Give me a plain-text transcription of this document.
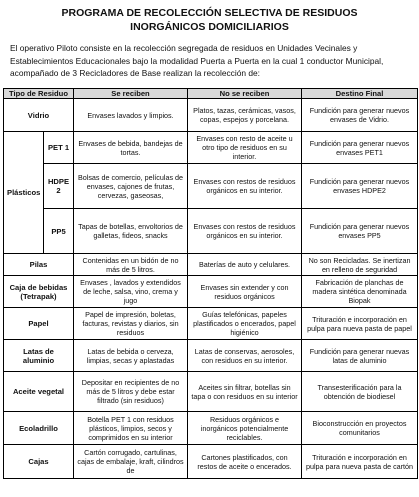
PROGRAMA DE RECOLECCIÓN SELECTIVA DE RESIDUOS
INORGÁNICOS DOMICILIARIOS

El operativo Piloto consiste en la recolección segregada de residuos en Unidades Vecinales y Establecimientos Educacionales bajo la modalidad Puerta a Puerta en la cual 1 conductor Municipal, acompañado de 3 Recicladores de Base realizan la recolección de:

Tipo de Residuo		Se reciben	No se reciben	Destino Final
Vidrio		Envases lavados y limpios.	Platos, tazas, cerámicas, vasos, copas, espejos y porcelana.	Fundición para generar nuevos envases de Vidrio.
Plásticos	PET 1	Envases de bebida, bandejas de tortas.	Envases con resto de aceite u otro tipo de residuos en su interior.	Fundición para generar nuevos envases PET1
	HDPE 2	Bolsas de comercio, películas de envases, cajones de frutas, cervezas, gaseosas,	Envases con restos de residuos orgánicos en su interior.	Fundición para generar nuevos envases HDPE2
	PP5	Tapas de botellas, envoltorios de galletas, fideos, snacks	Envases con restos de residuos orgánicos en su interior.	Fundición para generar nuevos envases PP5
Pilas		Contenidas en un bidón de no más de 5 litros.	Baterías de auto y celulares.	No son Recicladas. Se inertizan en relleno de seguridad
Caja de bebidas (Tetrapak)		Envases , lavados y extendidos de leche, salsa, vino, crema y jugo	Envases sin extender y con residuos orgánicos	Fabricación de planchas de madera sintética denominada Biopak
Papel		Papel de impresión, boletas, facturas, revistas y diarios, sin residuos	Guías telefónicas, papeles plastificados o encerados, papel higiénico	Trituración e incorporación en pulpa para nueva pasta de papel
Latas de aluminio		Latas de bebida o cerveza, limpias, secas y aplastadas	Latas de conservas, aerosoles, con residuos en su interior.	Fundición para generar nuevas latas de aluminio
Aceite vegetal		Depositar en recipientes de no más de 5 litros y debe estar filtrado (sin residuos)	Aceites sin filtrar, botellas sin tapa o con residuos en su interior	Transesterificación para la obtención de biodiesel
Ecoladrillo		Botella PET 1 con residuos plásticos, limpios, secos y comprimidos en su interior	Residuos orgánicos e inorgánicos potencialmente reciclables.	Bioconstrucción en proyectos comunitarios
Cajas		Cartón corrugado, cartulinas, cajas de embalaje, kraft, cilindros de	Cartones plastificados, con restos de aceite o encerados.	Trituración e incorporación en pulpa para nueva pasta de cartón
